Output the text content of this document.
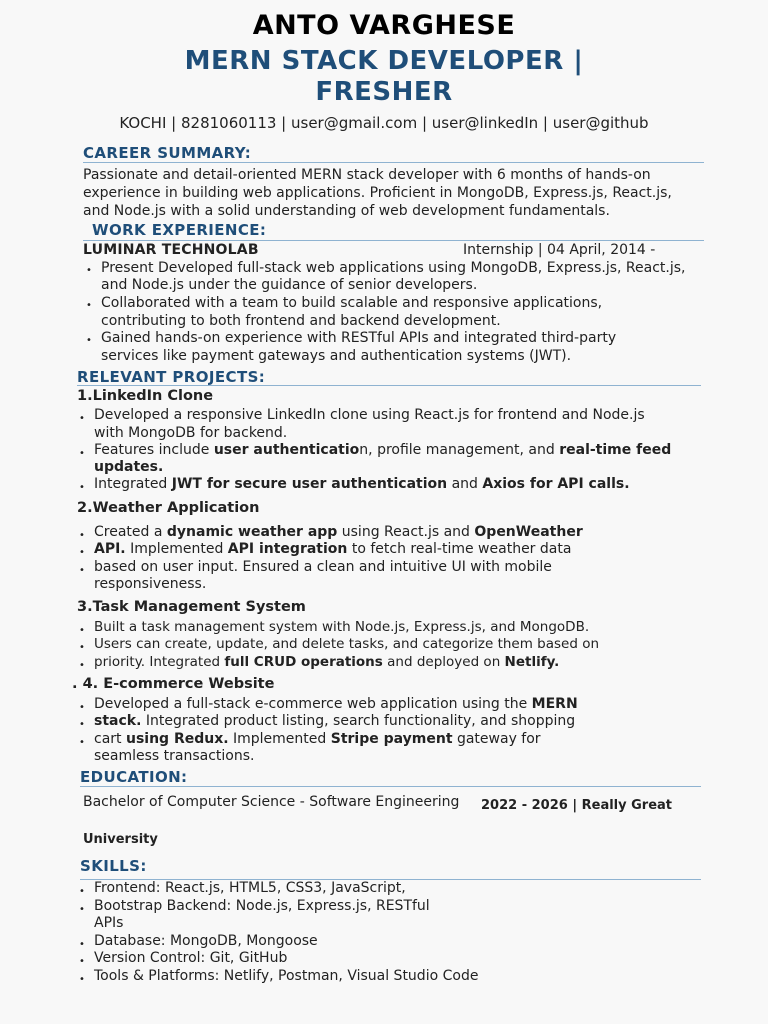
ANTO VARGHESE
MERN STACK DEVELOPER |
FRESHER
KOCHI | 8281060113 | user@gmail.com | user@linkedIn | user@github
CAREER SUMMARY:
Passionate and detail-oriented MERN stack developer with 6 months of hands-on
experience in building web applications. Proficient in MongoDB, Express.js, React.js,
and Node.js with a solid understanding of web development fundamentals.
WORK EXPERIENCE:
LUMINAR TECHNOLAB	Internship | 04 April, 2014 -
• Present Developed full-stack web applications using MongoDB, Express.js, React.js,
and Node.js under the guidance of senior developers.
• Collaborated with a team to build scalable and responsive applications,
contributing to both frontend and backend development.
• Gained hands-on experience with RESTful APIs and integrated third-party
services like payment gateways and authentication systems (JWT).
RELEVANT PROJECTS:
1.LinkedIn Clone
• Developed a responsive LinkedIn clone using React.js for frontend and Node.js
with MongoDB for backend.
• Features include user authentication, profile management, and real-time feed
updates.
• Integrated JWT for secure user authentication and Axios for API calls.
2.Weather Application
• Created a dynamic weather app using React.js and OpenWeather
• API. Implemented API integration to fetch real-time weather data
• based on user input. Ensured a clean and intuitive UI with mobile
responsiveness.
3.Task Management System
• Built a task management system with Node.js, Express.js, and MongoDB.
• Users can create, update, and delete tasks, and categorize them based on
• priority. Integrated full CRUD operations and deployed on Netlify.
. 4. E-commerce Website
• Developed a full-stack e-commerce web application using the MERN
• stack. Integrated product listing, search functionality, and shopping
• cart using Redux. Implemented Stripe payment gateway for
seamless transactions.
EDUCATION:
Bachelor of Computer Science - Software Engineering 2022 - 2026 | Really Great
University
SKILLS:
• Frontend: React.js, HTML5, CSS3, JavaScript,
• Bootstrap Backend: Node.js, Express.js, RESTful
APIs
• Database: MongoDB, Mongoose
• Version Control: Git, GitHub
• Tools & Platforms: Netlify, Postman, Visual Studio Code
